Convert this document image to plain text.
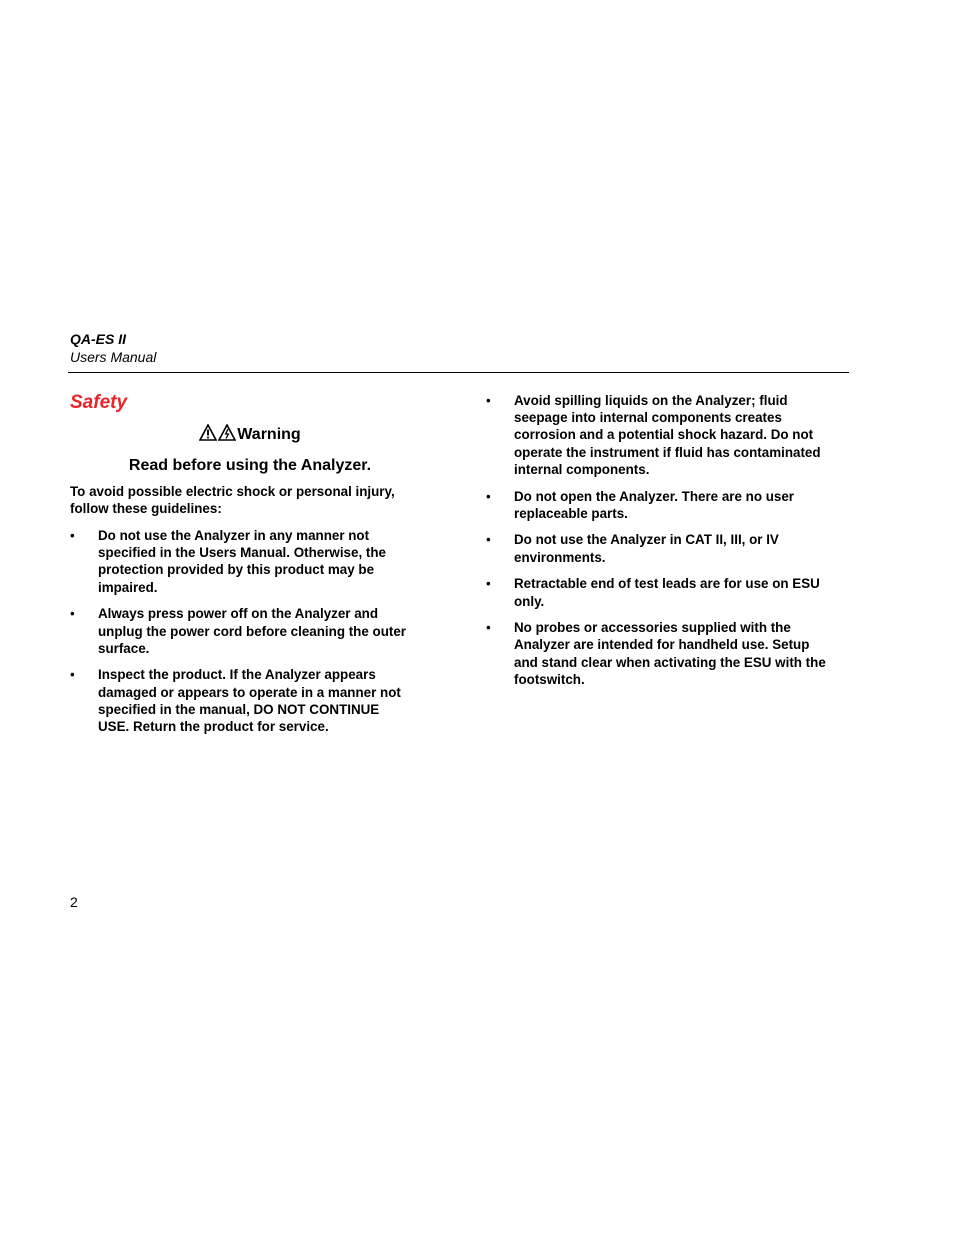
QA-ES II
Users Manual
Safety
Warning
Read before using the Analyzer.
To avoid possible electric shock or personal injury, follow these guidelines:
• Do not use the Analyzer in any manner not specified in the Users Manual. Otherwise, the protection provided by this product may be impaired.
• Always press power off on the Analyzer and unplug the power cord before cleaning the outer surface.
• Inspect the product. If the Analyzer appears damaged or appears to operate in a manner not specified in the manual, DO NOT CONTINUE USE. Return the product for service.
• Avoid spilling liquids on the Analyzer; fluid seepage into internal components creates corrosion and a potential shock hazard. Do not operate the instrument if fluid has contaminated internal components.
• Do not open the Analyzer. There are no user replaceable parts.
• Do not use the Analyzer in CAT II, III, or IV environments.
• Retractable end of test leads are for use on ESU only.
• No probes or accessories supplied with the Analyzer are intended for handheld use. Setup and stand clear when activating the ESU with the footswitch.
2
